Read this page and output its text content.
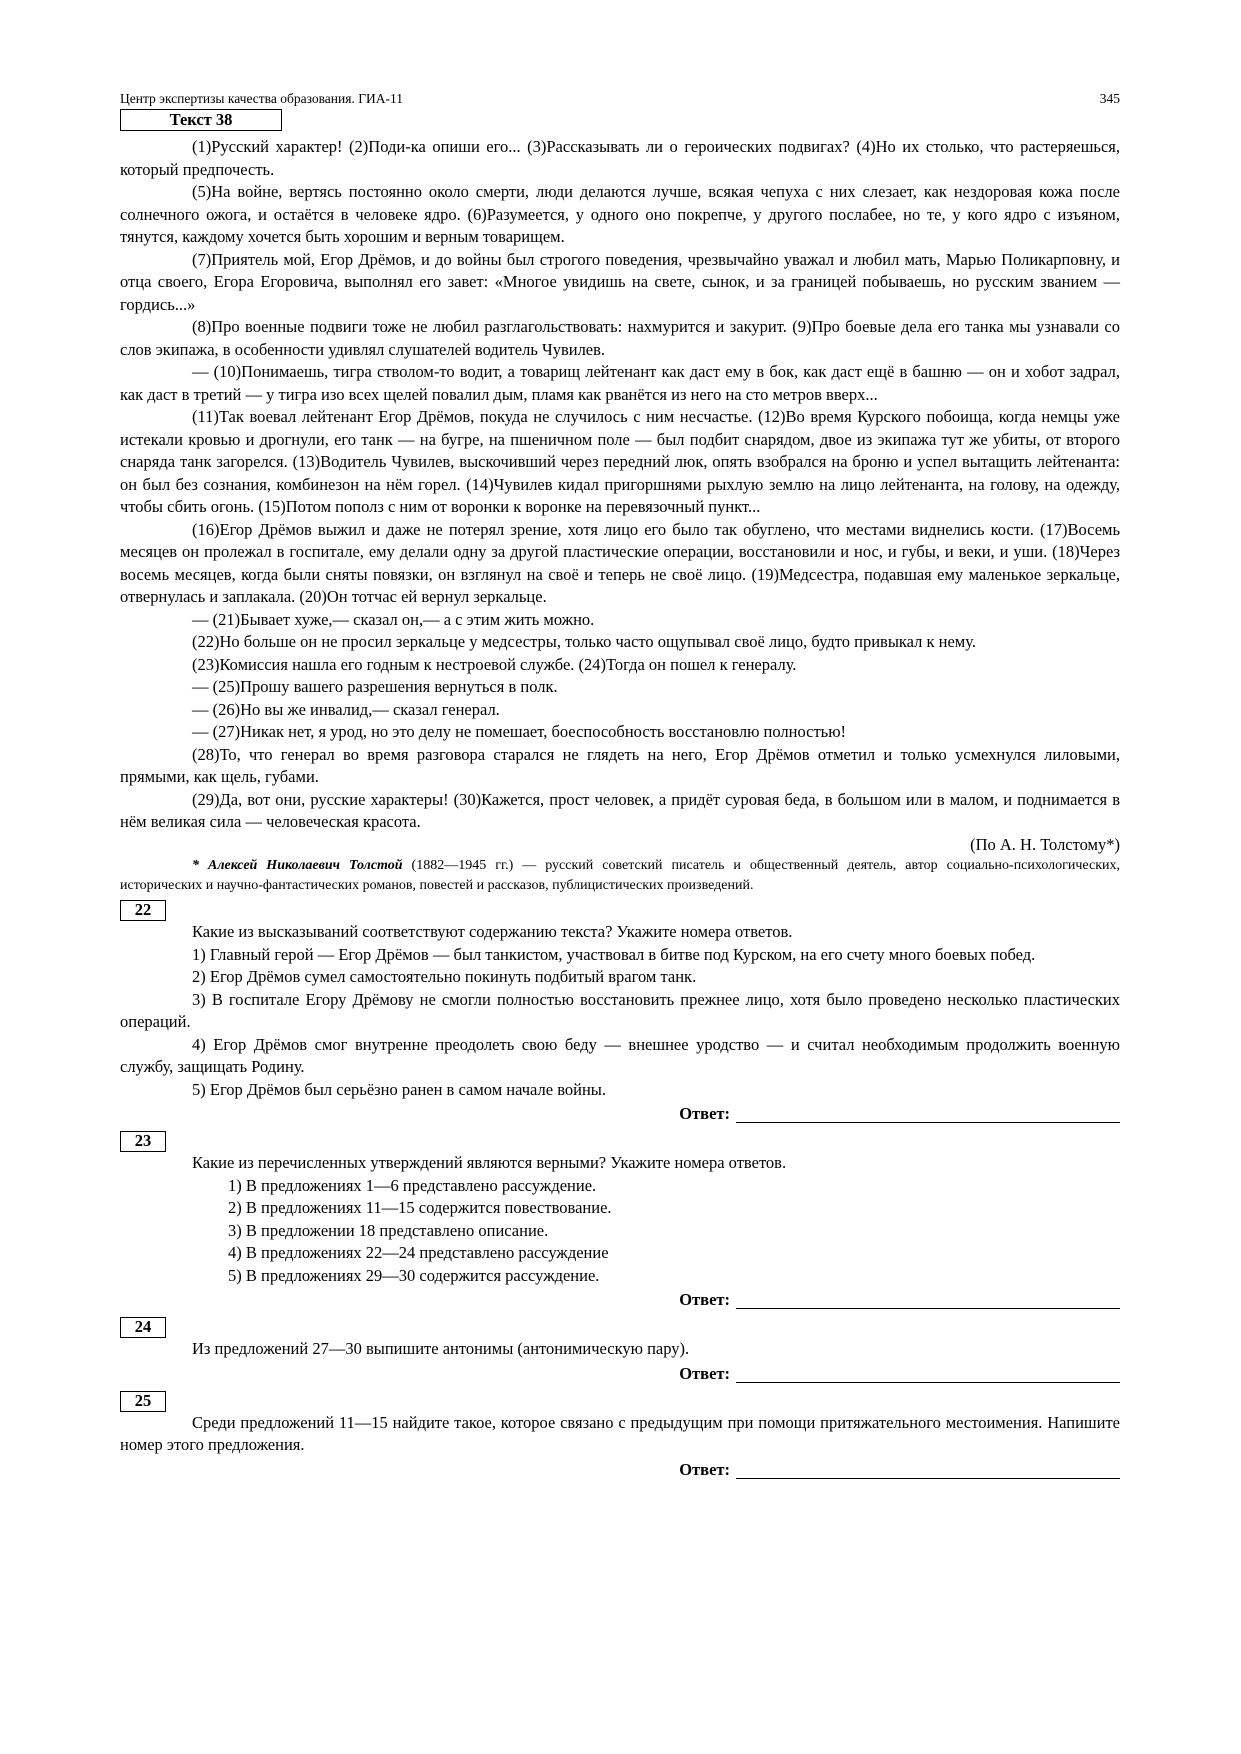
Центр экспертизы качества образования. ГИА-11	345
Текст 38

(1)Русский характер! (2)Поди-ка опиши его... (3)Рассказывать ли о героических подвигах? (4)Но их столько, что растеряешься, который предпочесть.

(5)На войне, вертясь постоянно около смерти, люди делаются лучше, всякая чепуха с них слезает, как нездоровая кожа после солнечного ожога, и остаётся в человеке ядро. (6)Разумеется, у одного оно покрепче, у другого послабее, но те, у кого ядро с изъяном, тянутся, каждому хочется быть хорошим и верным товарищем.

(7)Приятель мой, Егор Дрёмов, и до войны был строгого поведения, чрезвычайно уважал и любил мать, Марью Поликарповну, и отца своего, Егора Егоровича, выполнял его завет: «Многое увидишь на свете, сынок, и за границей побываешь, но русским званием — гордись...»

(8)Про военные подвиги тоже не любил разглагольствовать: нахмурится и закурит. (9)Про боевые дела его танка мы узнавали со слов экипажа, в особенности удивлял слушателей водитель Чувилев.

— (10)Понимаешь, тигра стволом-то водит, а товарищ лейтенант как даст ему в бок, как даст ещё в башню — он и хобот задрал, как даст в третий — у тигра изо всех щелей повалил дым, пламя как рванётся из него на сто метров вверх...

(11)Так воевал лейтенант Егор Дрёмов, покуда не случилось с ним несчастье. (12)Во время Курского побоища, когда немцы уже истекали кровью и дрогнули, его танк — на бугре, на пшеничном поле — был подбит снарядом, двое из экипажа тут же убиты, от второго снаряда танк загорелся. (13)Водитель Чувилев, выскочивший через передний люк, опять взобрался на броню и успел вытащить лейтенанта: он был без сознания, комбинезон на нём горел. (14)Чувилев кидал пригоршнями рыхлую землю на лицо лейтенанта, на голову, на одежду, чтобы сбить огонь. (15)Потом пополз с ним от воронки к воронке на перевязочный пункт...

(16)Егор Дрёмов выжил и даже не потерял зрение, хотя лицо его было так обуглено, что местами виднелись кости. (17)Восемь месяцев он пролежал в госпитале, ему делали одну за другой пластические операции, восстановили и нос, и губы, и веки, и уши. (18)Через восемь месяцев, когда были сняты повязки, он взглянул на своё и теперь не своё лицо. (19)Медсестра, подавшая ему маленькое зеркальце, отвернулась и заплакала. (20)Он тотчас ей вернул зеркальце.

— (21)Бывает хуже,— сказал он,— а с этим жить можно.

(22)Но больше он не просил зеркальце у медсестры, только часто ощупывал своё лицо, будто привыкал к нему.

(23)Комиссия нашла его годным к нестроевой службе. (24)Тогда он пошел к генералу.

— (25)Прошу вашего разрешения вернуться в полк.

— (26)Но вы же инвалид,— сказал генерал.

— (27)Никак нет, я урод, но это делу не помешает, боеспособность восстановлю полностью!

(28)То, что генерал во время разговора старался не глядеть на него, Егор Дрёмов отметил и только усмехнулся лиловыми, прямыми, как щель, губами.

(29)Да, вот они, русские характеры! (30)Кажется, прост человек, а придёт суровая беда, в большом или в малом, и поднимается в нём великая сила — человеческая красота.

(По А. Н. Толстому*)

* Алексей Николаевич Толстой (1882—1945 гг.) — русский советский писатель и общественный деятель, автор социально-психологических, исторических и научно-фантастических романов, повестей и рассказов, публицистических произведений.

22

Какие из высказываний соответствуют содержанию текста? Укажите номера ответов.

1) Главный герой — Егор Дрёмов — был танкистом, участвовал в битве под Курском, на его счету много боевых побед.

2) Егор Дрёмов сумел самостоятельно покинуть подбитый врагом танк.

3) В госпитале Егору Дрёмову не смогли полностью восстановить прежнее лицо, хотя было проведено несколько пластических операций.

4) Егор Дрёмов смог внутренне преодолеть свою беду — внешнее уродство — и считал необходимым продолжить военную службу, защищать Родину.

5) Егор Дрёмов был серьёзно ранен в самом начале войны.

Ответ:
23

Какие из перечисленных утверждений являются верными? Укажите номера ответов.

1) В предложениях 1—6 представлено рассуждение.

2) В предложениях 11—15 содержится повествование.

3) В предложении 18 представлено описание.

4) В предложениях 22—24 представлено рассуждение

5) В предложениях 29—30 содержится рассуждение.

Ответ:
24

Из предложений 27—30 выпишите антонимы (антонимическую пару).

Ответ:
25

Среди предложений 11—15 найдите такое, которое связано с предыдущим при помощи притяжательного местоимения. Напишите номер этого предложения.

Ответ:
